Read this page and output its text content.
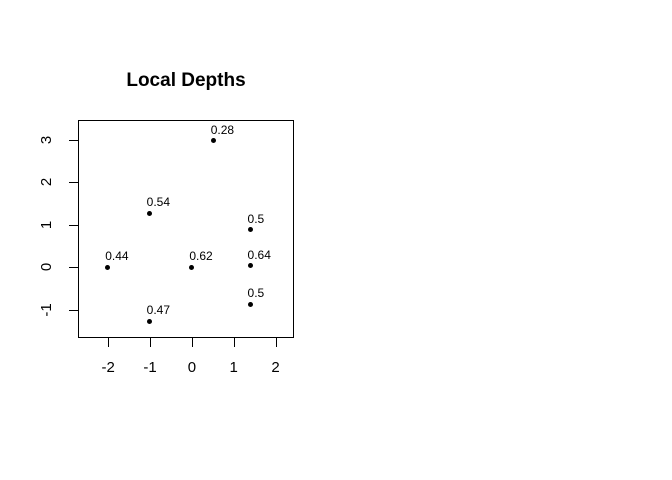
Local Depths
-2 -1 0 1 2
-1
0
1
2
3
0.28
0.54
0.5
0.44	0.62	0.64
0.5
0.47
